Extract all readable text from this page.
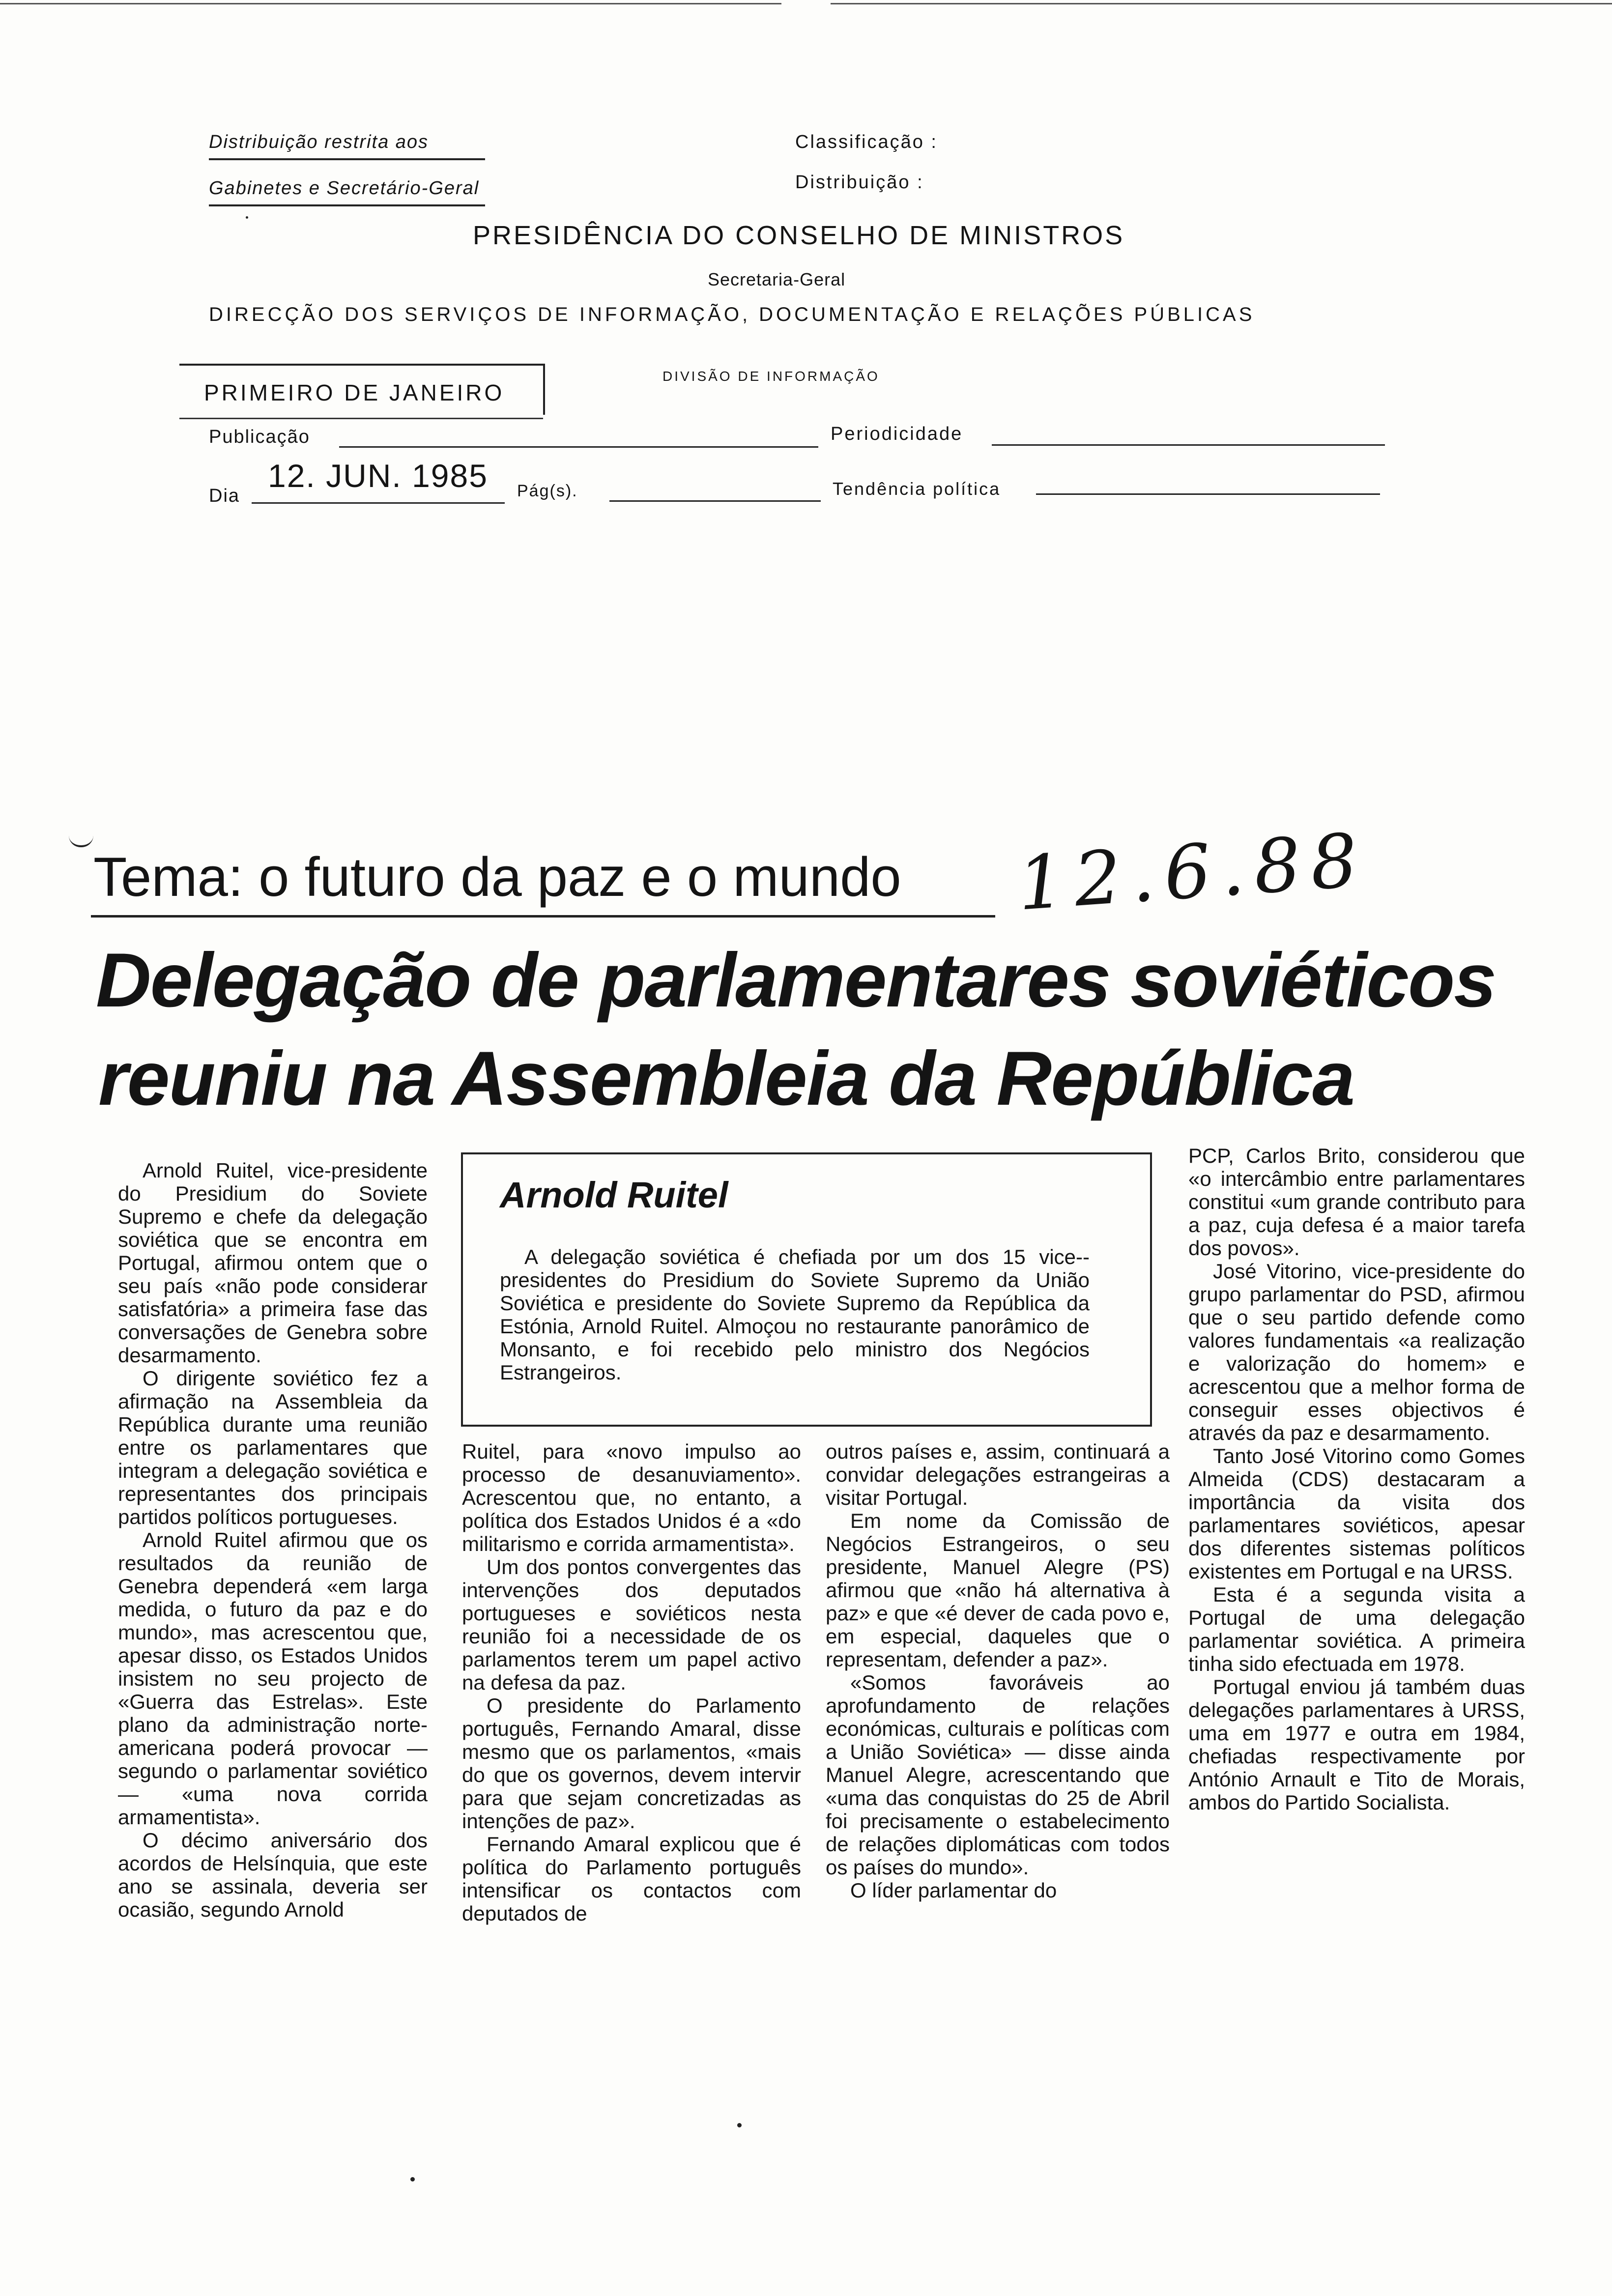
Distribuição restrita aos
Gabinetes e Secretário-Geral
Classificação :
Distribuição :
PRESIDÊNCIA DO CONSELHO DE MINISTROS
Secretaria-Geral
DIRECÇÃO DOS SERVIÇOS DE INFORMAÇÃO, DOCUMENTAÇÃO E RELAÇÕES PÚBLICAS
PRIMEIRO DE JANEIRO
DIVISÃO DE INFORMAÇÃO
Publicação	Periodicidade
Dia
12. JUN. 1985 Pág(s).	Tendência política
Tema: o futuro da paz e o mundo 12.6.88
Delegação de parlamentares soviéticos
reuniu na Assembleia da República

Arnold Ruitel, vice-presidente do Presidium do Soviete Supremo e chefe da delegação soviética que se encontra em Portugal, afirmou ontem que o seu país «não pode considerar satisfatória» a primeira fase das conversações de Genebra sobre desarmamento.

O dirigente soviético fez a afirmação na Assembleia da República durante uma reunião entre os parlamentares que integram a delegação soviética e representantes dos principais partidos políticos portugueses.

Arnold Ruitel afirmou que os resultados da reunião de Genebra dependerá «em larga medida, o futuro da paz e do mundo», mas acrescentou que, apesar disso, os Estados Unidos insistem no seu projecto de «Guerra das Estrelas». Este plano da administração norte-americana poderá provocar — segundo o parlamentar soviético — «uma nova corrida armamentista».

O décimo aniversário dos acordos de Helsínquia, que este ano se assinala, deveria ser ocasião, segundo Arnold

Arnold Ruitel

A delegação soviética é chefiada por um dos 15 vice--presidentes do Presidium do Soviete Supremo da União Soviética e presidente do Soviete Supremo da República da Estónia, Arnold Ruitel. Almoçou no restaurante panorâmico de Monsanto, e foi recebido pelo ministro dos Negócios Estrangeiros.

Ruitel, para «novo impulso ao processo de desanuviamento». Acrescentou que, no entanto, a política dos Estados Unidos é a «do militarismo e corrida armamentista».

Um dos pontos convergentes das intervenções dos deputados portugueses e soviéticos nesta reunião foi a necessidade de os parlamentos terem um papel activo na defesa da paz.

O presidente do Parlamento português, Fernando Amaral, disse mesmo que os parlamentos, «mais do que os governos, devem intervir para que sejam concretizadas as intenções de paz».

Fernando Amaral explicou que é política do Parlamento português intensificar os contactos com deputados de

outros países e, assim, continuará a convidar delegações estrangeiras a visitar Portugal.

Em nome da Comissão de Negócios Estrangeiros, o seu presidente, Manuel Alegre (PS) afirmou que «não há alternativa à paz» e que «é dever de cada povo e, em especial, daqueles que o representam, defender a paz».

«Somos favoráveis ao aprofundamento de relações económicas, culturais e políticas com a União Soviética» — disse ainda Manuel Alegre, acrescentando que «uma das conquistas do 25 de Abril foi precisamente o estabelecimento de relações diplomáticas com todos os países do mundo».

O líder parlamentar do

PCP, Carlos Brito, considerou que «o intercâmbio entre parlamentares constitui «um grande contributo para a paz, cuja defesa é a maior tarefa dos povos».

José Vitorino, vice-presidente do grupo parlamentar do PSD, afirmou que o seu partido defende como valores fundamentais «a realização e valorização do homem» e acrescentou que a melhor forma de conseguir esses objectivos é através da paz e desarmamento.

Tanto José Vitorino como Gomes Almeida (CDS) destacaram a importância da visita dos parlamentares soviéticos, apesar dos diferentes sistemas políticos existentes em Portugal e na URSS.

Esta é a segunda visita a Portugal de uma delegação parlamentar soviética. A primeira tinha sido efectuada em 1978.

Portugal enviou já também duas delegações parlamentares à URSS, uma em 1977 e outra em 1984, chefiadas respectivamente por António Arnault e Tito de Morais, ambos do Partido Socialista.
